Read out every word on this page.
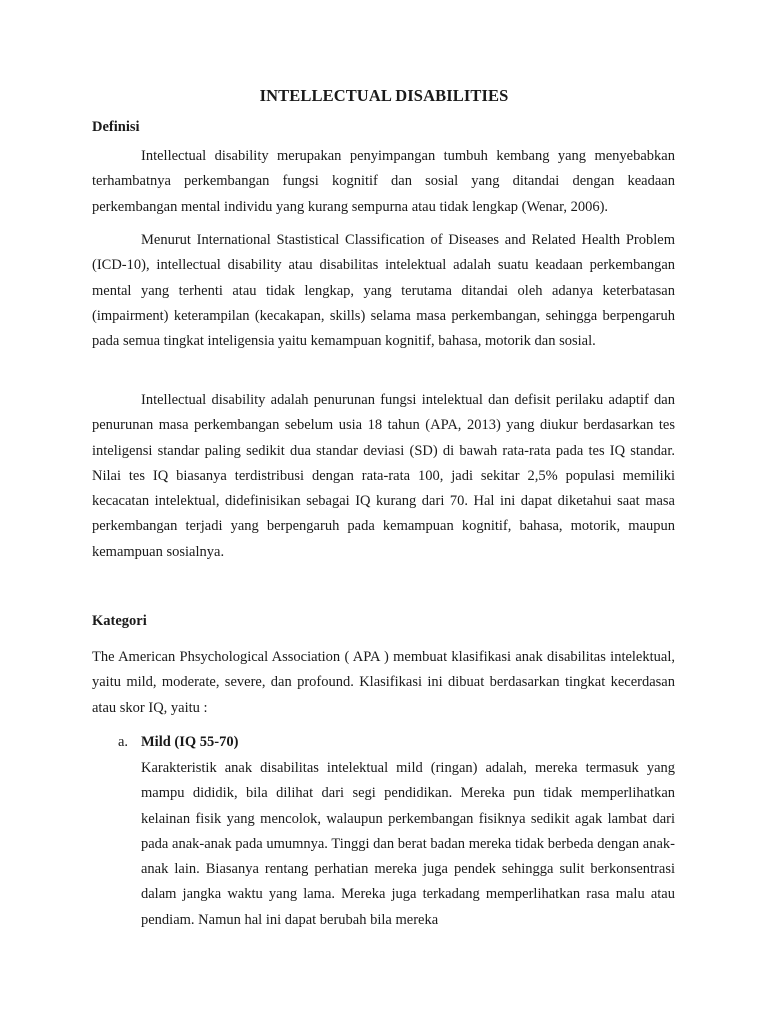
INTELLECTUAL DISABILITIES
Definisi

Intellectual disability merupakan penyimpangan tumbuh kembang yang menyebabkan terhambatnya perkembangan fungsi kognitif dan sosial yang ditandai dengan keadaan perkembangan mental individu yang kurang sempurna atau tidak lengkap (Wenar, 2006).

Menurut International Stastistical Classification of Diseases and Related Health Problem (ICD-10), intellectual disability atau disabilitas intelektual adalah suatu keadaan perkembangan mental yang terhenti atau tidak lengkap, yang terutama ditandai oleh adanya keterbatasan (impairment) keterampilan (kecakapan, skills) selama masa perkembangan, sehingga berpengaruh pada semua tingkat inteligensia yaitu kemampuan kognitif, bahasa, motorik dan sosial.

Intellectual disability adalah penurunan fungsi intelektual dan defisit perilaku adaptif dan penurunan masa perkembangan sebelum usia 18 tahun (APA, 2013) yang diukur berdasarkan tes inteligensi standar paling sedikit dua standar deviasi (SD) di bawah rata-rata pada tes IQ standar. Nilai tes IQ biasanya terdistribusi dengan rata-rata 100, jadi sekitar 2,5% populasi memiliki kecacatan intelektual, didefinisikan sebagai IQ kurang dari 70. Hal ini dapat diketahui saat masa perkembangan terjadi yang berpengaruh pada kemampuan kognitif, bahasa, motorik, maupun kemampuan sosialnya.

Kategori

The American Phsychological Association ( APA ) membuat klasifikasi anak disabilitas intelektual, yaitu mild, moderate, severe, dan profound. Klasifikasi ini dibuat berdasarkan tingkat kecerdasan atau skor IQ, yaitu :

a. Mild (IQ 55-70)

Karakteristik anak disabilitas intelektual mild (ringan) adalah, mereka termasuk yang mampu dididik, bila dilihat dari segi pendidikan. Mereka pun tidak memperlihatkan kelainan fisik yang mencolok, walaupun perkembangan fisiknya sedikit agak lambat dari pada anak-anak pada umumnya. Tinggi dan berat badan mereka tidak berbeda dengan anak-anak lain. Biasanya rentang perhatian mereka juga pendek sehingga sulit berkonsentrasi dalam jangka waktu yang lama. Mereka juga terkadang memperlihatkan rasa malu atau pendiam. Namun hal ini dapat berubah bila mereka
